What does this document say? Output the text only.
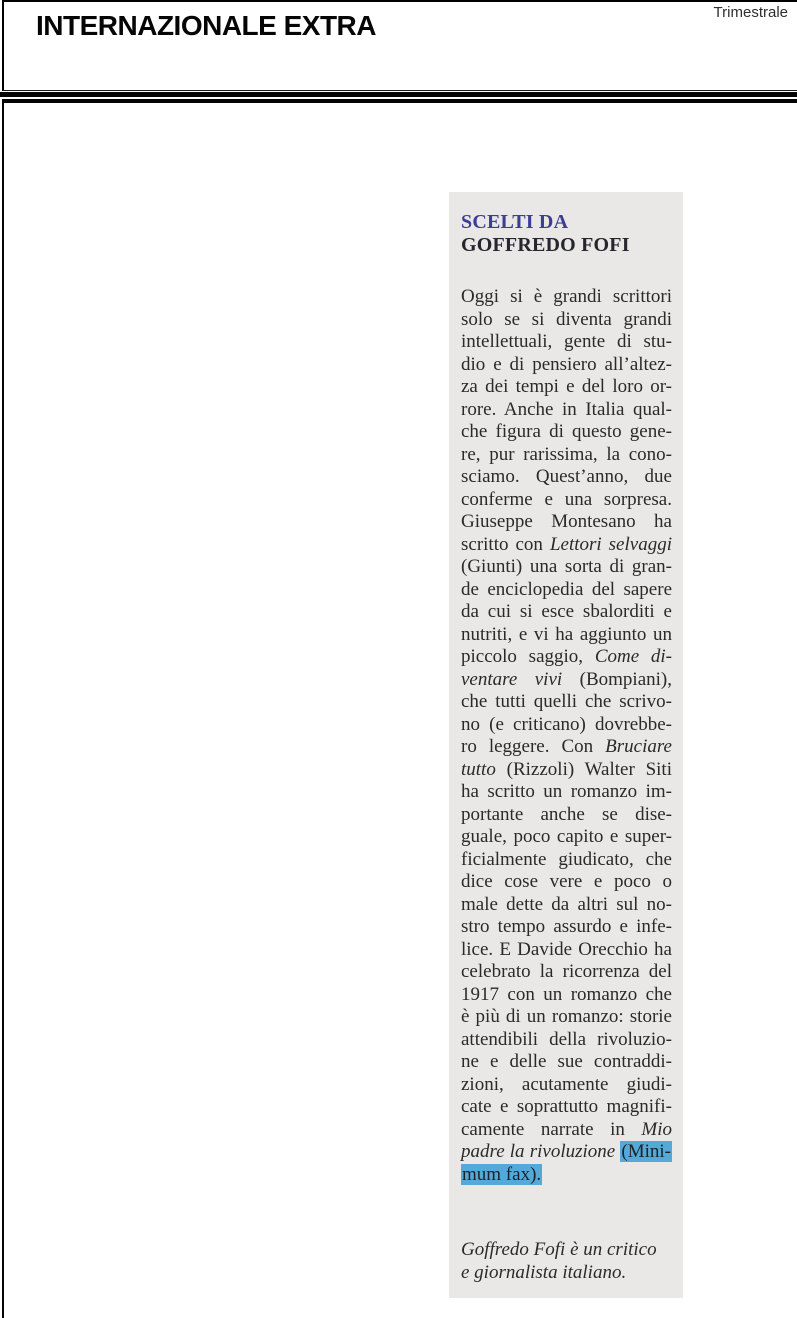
INTERNAZIONALE EXTRA	Trimestrale
SCELTI DA
GOFFREDO FOFI
Oggi si è grandi scrittori
solo se si diventa grandi
intellettuali, gente di stu-
dio e di pensiero all’altez-
za dei tempi e del loro or-
rore. Anche in Italia qual-
che figura di questo gene-
re, pur rarissima, la cono-
sciamo. Quest’anno, due
conferme e una sorpresa.
Giuseppe Montesano ha
scritto con Lettori selvaggi
(Giunti) una sorta di gran-
de enciclopedia del sapere
da cui si esce sbalorditi e
nutriti, e vi ha aggiunto un
piccolo saggio, Come di-
ventare vivi (Bompiani),
che tutti quelli che scrivo-
no (e criticano) dovrebbe-
ro leggere. Con Bruciare
tutto (Rizzoli) Walter Siti
ha scritto un romanzo im-
portante anche se dise-
guale, poco capito e super-
ficialmente giudicato, che
dice cose vere e poco o
male dette da altri sul no-
stro tempo assurdo e infe-
lice. E Davide Orecchio ha
celebrato la ricorrenza del
1917 con un romanzo che
è più di un romanzo: storie
attendibili della rivoluzio-
ne e delle sue contraddi-
zioni, acutamente giudi-
cate e soprattutto magnifi-
camente narrate in Mio
padre la rivoluzione (Mini-
mum fax).
Goffredo Fofi è un critico
e giornalista italiano.
